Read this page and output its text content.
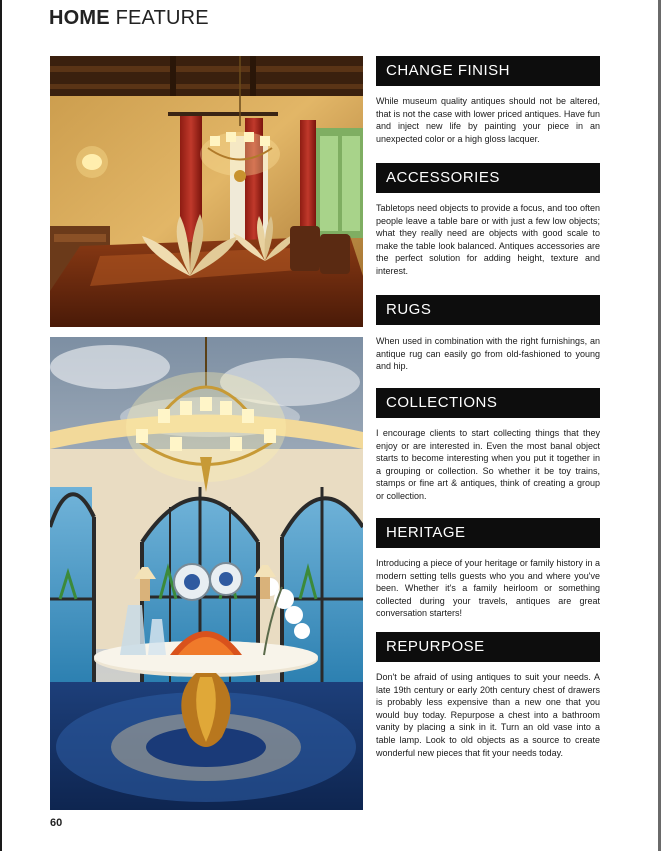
HOME FEATURE
CHANGE FINISH
While museum quality antiques should not be altered, that is not the case with lower priced antiques. Have fun and inject new life by painting your piece in an unexpected color or a high gloss lacquer.
ACCESSORIES
Tabletops need objects to provide a focus, and too often people leave a table bare or with just a few low objects; what they really need are objects with good scale to make the table look balanced. Antiques accessories are the perfect solution for adding height, texture and interest.
RUGS
When used in combination with the right furnishings, an antique rug can easily go from old-fashioned to young and hip.
COLLECTIONS
I encourage clients to start collecting things that they enjoy or are interested in. Even the most banal object starts to become interesting when you put it together in a grouping or collection. So whether it be toy trains, stamps or fine art & antiques, think of creating a group or collection.
HERITAGE
Introducing a piece of your heritage or family history in a modern setting tells guests who you and where you've been. Whether it's a family heirloom or something collected during your travels, antiques are great conversation starters!
REPURPOSE
Don't be afraid of using antiques to suit your needs. A late 19th century or early 20th century chest of drawers is probably less expensive than a new one that you would buy today. Repurpose a chest into a bathroom vanity by placing a sink in it. Turn an old vase into a table lamp. Look to old objects as a source to create wonderful new pieces that fit your needs today.
60
